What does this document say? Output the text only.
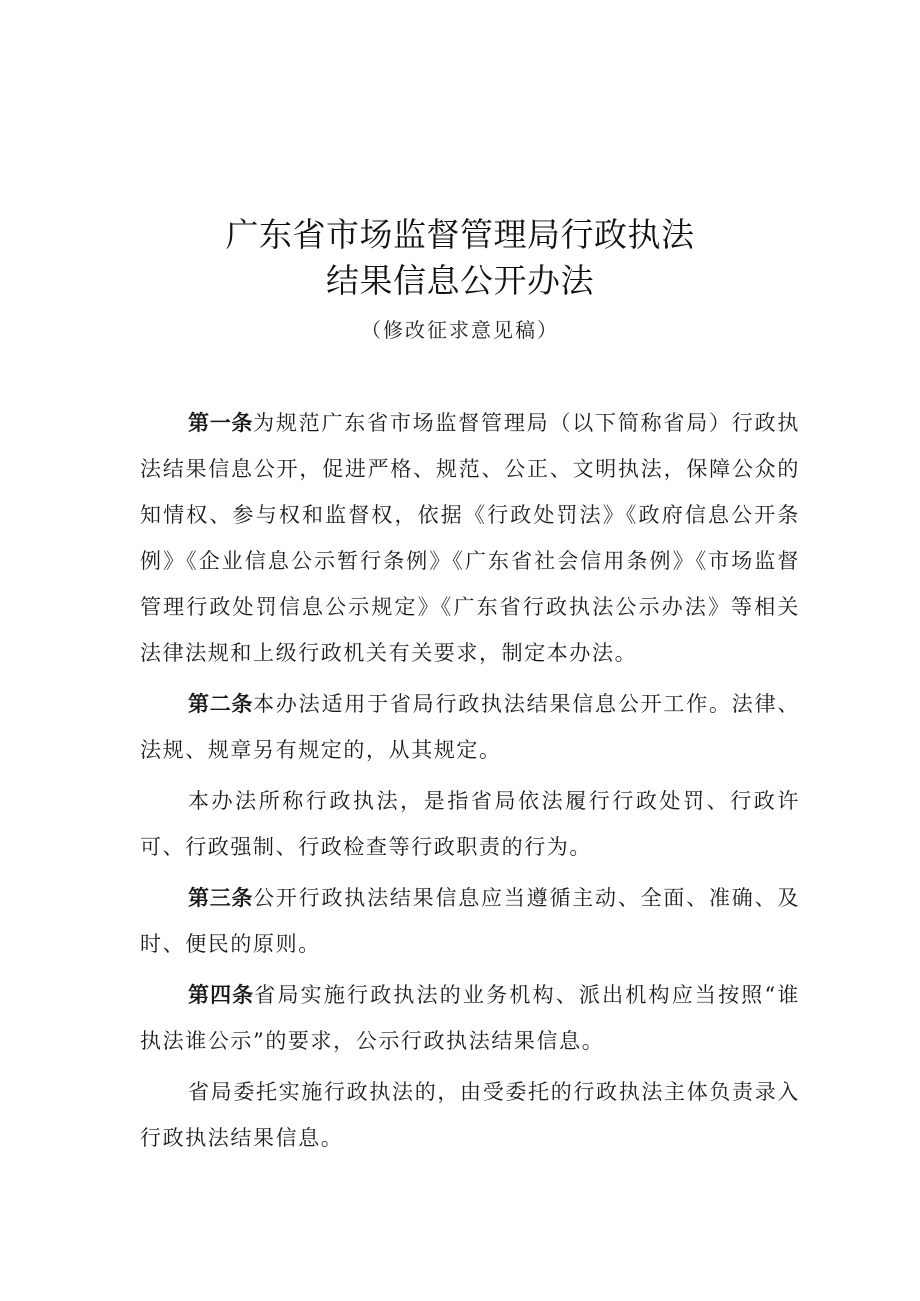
广东省市场监督管理局行政执法
结果信息公开办法
（修改征求意见稿）

第一条为规范广东省市场监督管理局（以下简称省局）行政执法结果信息公开，促进严格、规范、公正、文明执法，保障公众的知情权、参与权和监督权，依据《行政处罚法》《政府信息公开条例》《企业信息公示暂行条例》《广东省社会信用条例》《市场监督管理行政处罚信息公示规定》《广东省行政执法公示办法》等相关法律法规和上级行政机关有关要求，制定本办法。

第二条本办法适用于省局行政执法结果信息公开工作。法律、法规、规章另有规定的，从其规定。

本办法所称行政执法，是指省局依法履行行政处罚、行政许可、行政强制、行政检查等行政职责的行为。

第三条公开行政执法结果信息应当遵循主动、全面、准确、及时、便民的原则。

第四条省局实施行政执法的业务机构、派出机构应当按照“谁执法谁公示”的要求，公示行政执法结果信息。

省局委托实施行政执法的，由受委托的行政执法主体负责录入行政执法结果信息。
